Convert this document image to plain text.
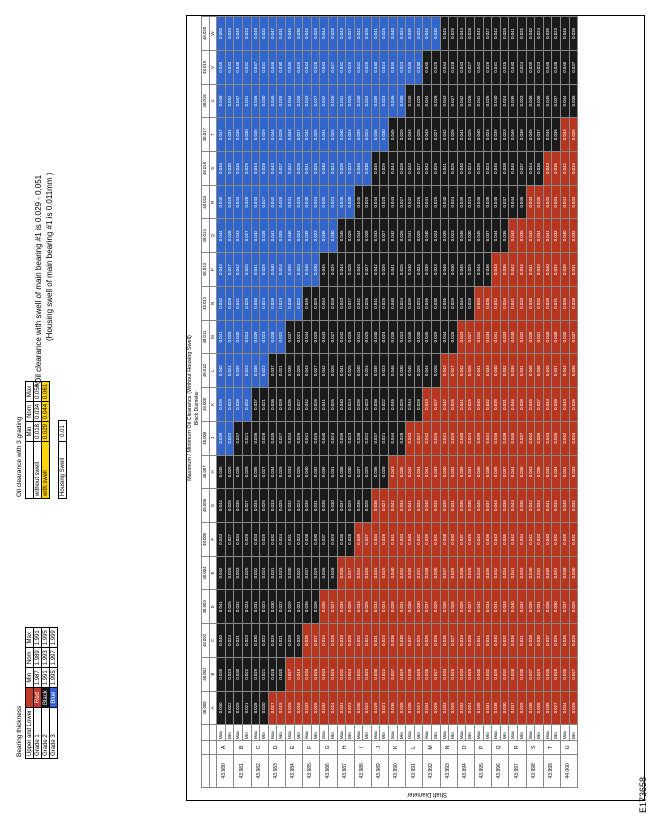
Bearing thickness Upper and Lower		Min	Nom	Max
Grade 1	Red	1.987	1.989	1.991
Grade 2	Black	1.991	1.993	1.995
Grade 3	Blue	1.995	1.997	1.999
Oil clearance with 3 grading
	Min	Nom	Max
without swell	0.018	0.034	0.050
with swell	0.029	0.044	0.061
Housing Swell	0.01
*Oil clearance with swell of main bearing #1 is 0.029 - 0.051 (Housing swell of main bearing #1 is 0.011mm )
Maximum / Minimum Oil Clearance (Without Housing Swell) Block Diameter
Shaft Diameter
			48.000	48.001	48.002	48.003	48.004	48.005	48.006	48.007	48.008	48.009	48.010	48.011	48.012	48.013	48.014	48.015	48.016	48.017	48.018	48.019	48.020
			A	B	C	D	E	F	G	H	J	K	L	M	N	P	Q	R	S	T	U	V	W
43.980	A	Max	0.030	0.039	0.040	0.041	0.042	0.043	0.044	0.045	0.038	0.039	0.040	0.041	0.042	0.043	0.044	0.045	0.046	0.047	0.048	0.049	0.050
		Min	0.022	0.023	0.024	0.025	0.026	0.027	0.028	0.029	0.022	0.023	0.024	0.025	0.026	0.027	0.028	0.029	0.030	0.031	0.032	0.033	0.034
43.981	B	Max	0.029	0.030	0.031	0.032	0.033	0.034	0.035	0.036	0.037	0.038	0.039	0.040	0.041	0.042	0.043	0.044	0.045	0.046	0.047	0.048	0.049
		Min	0.021	0.022	0.023	0.024	0.025	0.026	0.027	0.028	0.021	0.022	0.023	0.024	0.025	0.026	0.027	0.028	0.029	0.030	0.031	0.032	0.033
43.982	C	Max	0.028	0.029	0.030	0.031	0.032	0.033	0.034	0.035	0.036	0.037	0.038	0.039	0.040	0.041	0.042	0.043	0.044	0.045	0.046	0.047	0.048
		Min	0.020	0.021	0.022	0.023	0.024	0.025	0.026	0.027	0.028	0.021	0.022	0.023	0.024	0.025	0.026	0.027	0.028	0.029	0.030	0.031	0.032
43.983	D	Max	0.027	0.028	0.029	0.030	0.031	0.032	0.033	0.034	0.035	0.036	0.037	0.038	0.039	0.040	0.041	0.042	0.043	0.044	0.045	0.046	0.047
		Min	0.019	0.020	0.021	0.022	0.023	0.024	0.025	0.026	0.027	0.028	0.021	0.022	0.023	0.024	0.025	0.026	0.027	0.028	0.029	0.030	0.031
43.984	E	Max	0.026	0.027	0.028	0.029	0.030	0.031	0.032	0.033	0.034	0.035	0.036	0.037	0.038	0.039	0.040	0.041	0.042	0.043	0.044	0.045	0.046
		Min	0.018	0.019	0.020	0.021	0.022	0.023	0.024	0.025	0.026	0.027	0.028	0.021	0.022	0.023	0.024	0.025	0.026	0.027	0.028	0.029	0.030
43.985	F	Max	0.033	0.034	0.035	0.036	0.037	0.038	0.039	0.040	0.041	0.042	0.043	0.044	0.045	0.046	0.039	0.040	0.041	0.042	0.043	0.044	0.045
		Min	0.025	0.026	0.027	0.028	0.029	0.030	0.031	0.032	0.025	0.026	0.027	0.028	0.029	0.030	0.023	0.024	0.025	0.026	0.027	0.028	0.029
43.986	G	Max	0.032	0.033	0.034	0.035	0.036	0.037	0.038	0.039	0.040	0.041	0.042	0.043	0.044	0.045	0.046	0.039	0.040	0.041	0.042	0.043	0.044
		Min	0.024	0.025	0.026	0.027	0.028	0.029	0.030	0.031	0.024	0.025	0.026	0.027	0.028	0.029	0.030	0.023	0.024	0.025	0.026	0.027	0.028
43.987	H	Max	0.031	0.032	0.033	0.034	0.035	0.036	0.037	0.038	0.039	0.040	0.041	0.042	0.043	0.044	0.045	0.046	0.039	0.040	0.041	0.042	0.043
		Min	0.023	0.024	0.025	0.026	0.027	0.028	0.029	0.030	0.023	0.024	0.025	0.026	0.027	0.028	0.029	0.030	0.023	0.024	0.025	0.026	0.027
43.988	I	Max	0.030	0.031	0.032	0.033	0.034	0.035	0.036	0.037	0.038	0.039	0.040	0.041	0.042	0.043	0.044	0.045	0.046	0.039	0.040	0.041	0.042
		Min	0.022	0.023	0.024	0.025	0.026	0.027	0.028	0.029	0.022	0.023	0.024	0.025	0.026	0.027	0.028	0.029	0.030	0.023	0.024	0.025	0.026
43.989	J	Max	0.029	0.030	0.031	0.032	0.033	0.034	0.035	0.036	0.037	0.038	0.039	0.040	0.041	0.042	0.043	0.044	0.045	0.046	0.039	0.040	0.041
		Min	0.021	0.022	0.023	0.024	0.025	0.026	0.027	0.028	0.021	0.022	0.023	0.024	0.025	0.026	0.027	0.028	0.029	0.030	0.023	0.024	0.025
43.990	K	Max	0.036	0.037	0.038	0.039	0.040	0.041	0.042	0.043	0.044	0.045	0.046	0.039	0.040	0.041	0.042	0.043	0.044	0.045	0.046	0.039	0.040
		Min	0.028	0.029	0.030	0.031	0.032	0.033	0.034	0.035	0.028	0.029	0.030	0.023	0.024	0.025	0.026	0.027	0.028	0.029	0.030	0.023	0.024
43.991	L	Max	0.035	0.036	0.037	0.038	0.039	0.040	0.041	0.042	0.043	0.044	0.045	0.046	0.039	0.040	0.041	0.042	0.043	0.044	0.045	0.046	0.039
		Min	0.027	0.028	0.029	0.030	0.031	0.032	0.033	0.034	0.027	0.028	0.029	0.030	0.023	0.024	0.025	0.026	0.027	0.028	0.029	0.030	0.023
43.992	M	Max	0.034	0.035	0.036	0.037	0.038	0.039	0.040	0.041	0.042	0.043	0.044	0.045	0.046	0.039	0.040	0.041	0.042	0.043	0.044	0.045	0.046
		Min	0.026	0.027	0.028	0.029	0.030	0.031	0.032	0.033	0.026	0.027	0.028	0.029	0.030	0.023	0.024	0.025	0.026	0.027	0.028	0.029	0.030
43.993	N	Max	0.033	0.034	0.035	0.036	0.037	0.038	0.039	0.040	0.041	0.042	0.043	0.044	0.045	0.046	0.039	0.040	0.041	0.042	0.043	0.044	0.045
		Min	0.025	0.026	0.027	0.028	0.029	0.030	0.031	0.032	0.025	0.026	0.027	0.028	0.029	0.030	0.023	0.024	0.025	0.026	0.027	0.028	0.029
43.994	O	Max	0.032	0.033	0.034	0.035	0.036	0.037	0.038	0.039	0.040	0.041	0.042	0.043	0.044	0.045	0.046	0.039	0.040	0.041	0.042	0.043	0.044
		Min	0.024	0.025	0.026	0.027	0.028	0.029	0.030	0.031	0.024	0.025	0.026	0.027	0.028	0.029	0.030	0.023	0.024	0.025	0.026	0.027	0.028
43.995	P	Max	0.039	0.040	0.041	0.042	0.043	0.044	0.045	0.046	0.039	0.040	0.041	0.042	0.043	0.044	0.045	0.046	0.039	0.040	0.041	0.042	0.043
		Min	0.031	0.032	0.033	0.034	0.035	0.036	0.037	0.038	0.031	0.032	0.033	0.034	0.035	0.036	0.037	0.038	0.023	0.024	0.025	0.026	0.027
43.996	Q	Max	0.038	0.039	0.040	0.041	0.042	0.043	0.044	0.045	0.046	0.039	0.040	0.041	0.042	0.043	0.044	0.045	0.046	0.039	0.040	0.041	0.042
		Min	0.030	0.031	0.032	0.033	0.034	0.035	0.036	0.037	0.038	0.031	0.032	0.033	0.034	0.035	0.036	0.037	0.038	0.023	0.024	0.025	0.026
43.997	R	Max	0.037	0.038	0.039	0.040	0.041	0.042	0.043	0.044	0.045	0.046	0.039	0.040	0.041	0.042	0.043	0.044	0.045	0.046	0.039	0.040	0.041
		Min	0.029	0.030	0.031	0.032	0.033	0.034	0.035	0.036	0.037	0.038	0.031	0.032	0.033	0.034	0.035	0.036	0.037	0.038	0.023	0.024	0.025
43.998	S	Max	0.036	0.037	0.038	0.039	0.040	0.041	0.042	0.043	0.044	0.045	0.046	0.039	0.040	0.041	0.042	0.043	0.044	0.045	0.046	0.039	0.040
		Min	0.028	0.029	0.030	0.031	0.032	0.033	0.034	0.035	0.036	0.037	0.038	0.031	0.032	0.033	0.034	0.035	0.036	0.037	0.038	0.023	0.024
43.999	T	Max	0.035	0.036	0.037	0.038	0.039	0.040	0.041	0.042	0.043	0.044	0.045	0.046	0.039	0.040	0.041	0.042	0.043	0.044	0.045	0.046	0.039
		Min	0.027	0.028	0.029	0.030	0.031	0.032	0.033	0.034	0.035	0.036	0.037	0.038	0.031	0.032	0.033	0.034	0.035	0.036	0.037	0.038	0.023
44.000	U	Max	0.034	0.035	0.036	0.037	0.038	0.039	0.040	0.041	0.042	0.043	0.044	0.045	0.046	0.039	0.040	0.041	0.042	0.043	0.044	0.045	0.046
		Min	0.026	0.027	0.028	0.029	0.030	0.031	0.032	0.033	0.034	0.035	0.036	0.037	0.038	0.031	0.032	0.033	0.034	0.035	0.036	0.037	0.038
E173658
